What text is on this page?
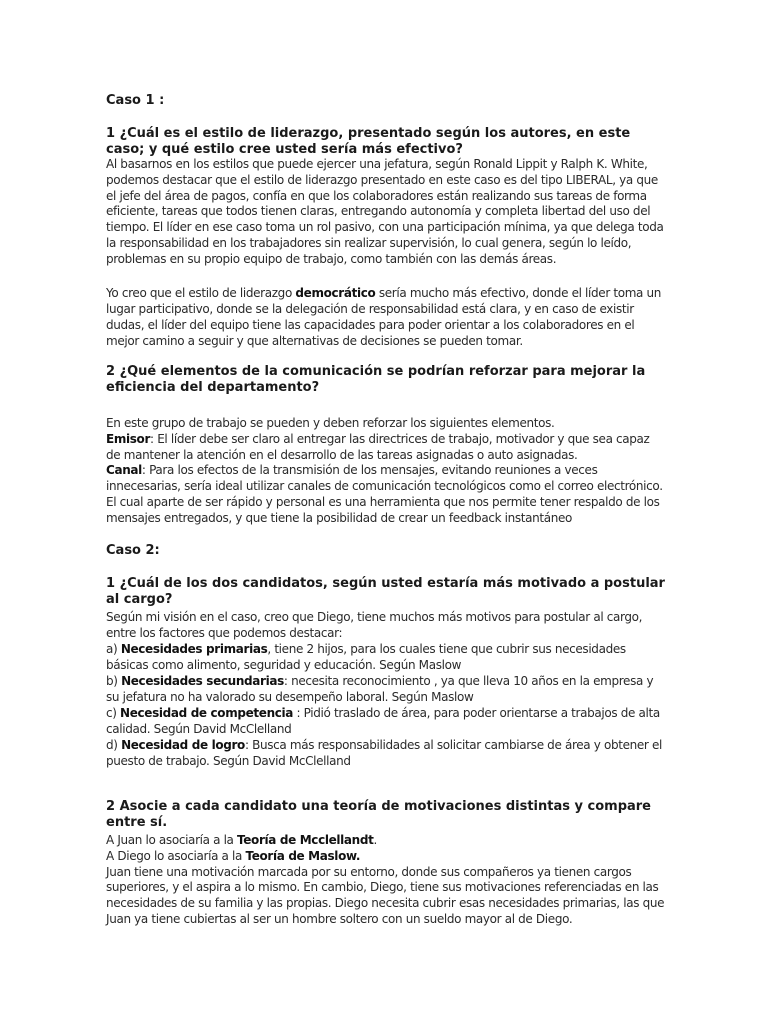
Caso 1 :
1 ¿Cuál es el estilo de liderazgo, presentado según los autores, en este caso; y qué estilo cree usted sería más efectivo?
Al basarnos en los estilos que puede ejercer una jefatura, según Ronald Lippit y Ralph K. White, podemos destacar que el estilo de liderazgo presentado en este caso es del tipo LIBERAL, ya que el jefe del área de pagos, confía en que los colaboradores están realizando sus tareas de forma eficiente, tareas que todos tienen claras, entregando autonomía y completa libertad del uso del tiempo. El líder en ese caso toma un rol pasivo, con una participación mínima, ya que delega toda la responsabilidad en los trabajadores sin realizar supervisión, lo cual genera, según lo leído, problemas en su propio equipo de trabajo, como también con las demás áreas.
Yo creo que el estilo de liderazgo democrático sería mucho más efectivo, donde el líder toma un lugar participativo, donde se la delegación de responsabilidad está clara, y en caso de existir dudas, el líder del equipo tiene las capacidades para poder orientar a los colaboradores en el mejor camino a seguir y que alternativas de decisiones se pueden tomar.
2 ¿Qué elementos de la comunicación se podrían reforzar para mejorar la eficiencia del departamento?
En este grupo de trabajo se pueden y deben reforzar los siguientes elementos.
Emisor: El líder debe ser claro al entregar las directrices de trabajo, motivador y que sea capaz de mantener la atención en el desarrollo de las tareas asignadas o auto asignadas.
Canal: Para los efectos de la transmisión de los mensajes, evitando reuniones a veces innecesarias, sería ideal utilizar canales de comunicación tecnológicos como el correo electrónico. El cual aparte de ser rápido y personal es una herramienta que nos permite tener respaldo de los mensajes entregados, y que tiene la posibilidad de crear un feedback instantáneo
Caso 2:
1 ¿Cuál de los dos candidatos, según usted estaría más motivado a postular al cargo?
Según mi visión en el caso, creo que Diego, tiene muchos más motivos para postular al cargo, entre los factores que podemos destacar:
a) Necesidades primarias, tiene 2 hijos, para los cuales tiene que cubrir sus necesidades básicas como alimento, seguridad y educación. Según Maslow
b) Necesidades secundarias: necesita reconocimiento , ya que lleva 10 años en la empresa y su jefatura no ha valorado su desempeño laboral. Según Maslow
c) Necesidad de competencia : Pidió traslado de área, para poder orientarse a trabajos de alta calidad. Según David McClelland
d) Necesidad de logro: Busca más responsabilidades al solicitar cambiarse de área y obtener el puesto de trabajo. Según David McClelland
2 Asocie a cada candidato una teoría de motivaciones distintas y compare entre sí.
A Juan lo asociaría a la Teoría de Mcclellandt.
A Diego lo asociaría a la Teoría de Maslow.
Juan tiene una motivación marcada por su entorno, donde sus compañeros ya tienen cargos superiores, y el aspira a lo mismo. En cambio, Diego, tiene sus motivaciones referenciadas en las necesidades de su familia y las propias. Diego necesita cubrir esas necesidades primarias, las que Juan ya tiene cubiertas al ser un hombre soltero con un sueldo mayor al de Diego.
